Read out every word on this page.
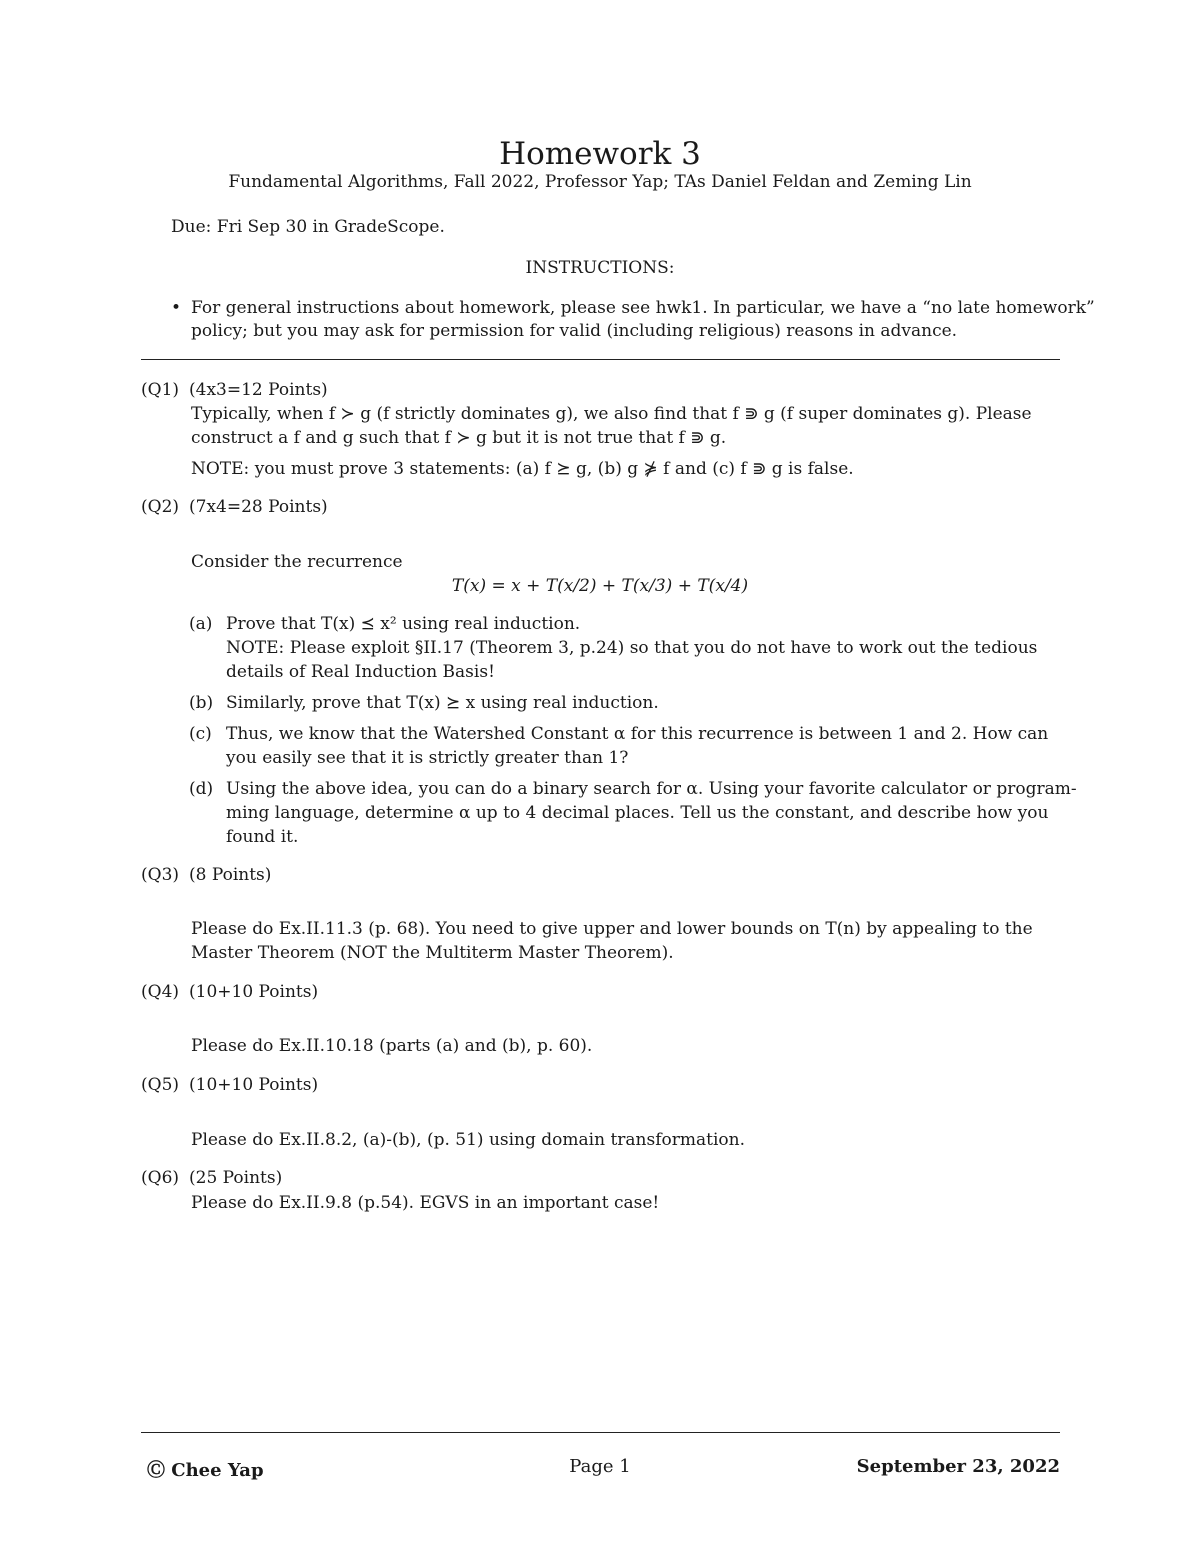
Homework 3
Fundamental Algorithms, Fall 2022, Professor Yap; TAs Daniel Feldan and Zeming Lin
Due: Fri Sep 30 in GradeScope.
INSTRUCTIONS:
• For general instructions about homework, please see hwk1. In particular, we have a “no late homework”
policy; but you may ask for permission for valid (including religious) reasons in advance.
(Q1) (4x3=12 Points)
Typically, when f ≻ g (f strictly dominates g), we also find that f ⋑ g (f super dominates g). Please
construct a f and g such that f ≻ g but it is not true that f ⋑ g.
NOTE: you must prove 3 statements: (a) f ⪰ g, (b) g ⋡ f and (c) f ⋑ g is false.
(Q2) (7x4=28 Points)
Consider the recurrence
T(x) = x + T(x/2) + T(x/3) + T(x/4)
(a) Prove that T(x) ⪯ x² using real induction.
NOTE: Please exploit §II.17 (Theorem 3, p.24) so that you do not have to work out the tedious
details of Real Induction Basis!
(b) Similarly, prove that T(x) ⪰ x using real induction.
(c) Thus, we know that the Watershed Constant α for this recurrence is between 1 and 2. How can
you easily see that it is strictly greater than 1?
(d) Using the above idea, you can do a binary search for α. Using your favorite calculator or program-
ming language, determine α up to 4 decimal places. Tell us the constant, and describe how you
found it.
(Q3) (8 Points)
Please do Ex.II.11.3 (p. 68). You need to give upper and lower bounds on T(n) by appealing to the
Master Theorem (NOT the Multiterm Master Theorem).
(Q4) (10+10 Points)
Please do Ex.II.10.18 (parts (a) and (b), p. 60).
(Q5) (10+10 Points)
Please do Ex.II.8.2, (a)-(b), (p. 51) using domain transformation.
(Q6) (25 Points)
Please do Ex.II.9.8 (p.54). EGVS in an important case!
Ⓒ Chee Yap	Page 1	September 23, 2022
